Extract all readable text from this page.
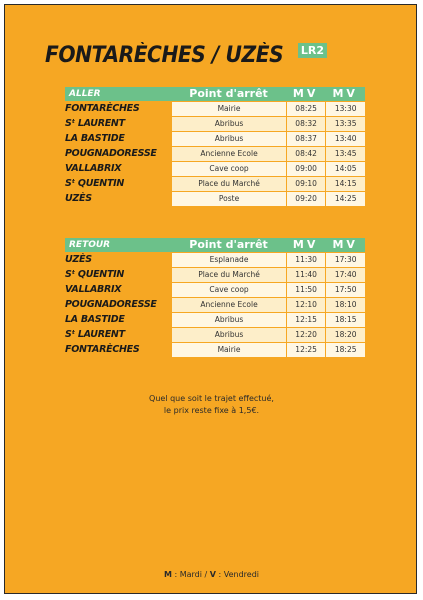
FONTARÈCHES / UZÈS LR2
ALLER	Point d'arrêt	MV	MV
FONTARÈCHES	Mairie	08:25	13:30
Sᵗ LAURENT	Abribus	08:32	13:35
LA BASTIDE	Abribus	08:37	13:40
POUGNADORESSE	Ancienne Ecole	08:42	13:45
VALLABRIX	Cave coop	09:00	14:05
Sᵗ QUENTIN	Place du Marché	09:10	14:15
UZÈS	Poste	09:20	14:25
RETOUR	Point d'arrêt	MV	MV
UZÈS	Esplanade	11:30	17:30
Sᵗ QUENTIN	Place du Marché	11:40	17:40
VALLABRIX	Cave coop	11:50	17:50
POUGNADORESSE	Ancienne Ecole	12:10	18:10
LA BASTIDE	Abribus	12:15	18:15
Sᵗ LAURENT	Abribus	12:20	18:20
FONTARÈCHES	Mairie	12:25	18:25
Quel que soit le trajet effectué,
le prix reste fixe à 1,5€.
M : Mardi / V : Vendredi
